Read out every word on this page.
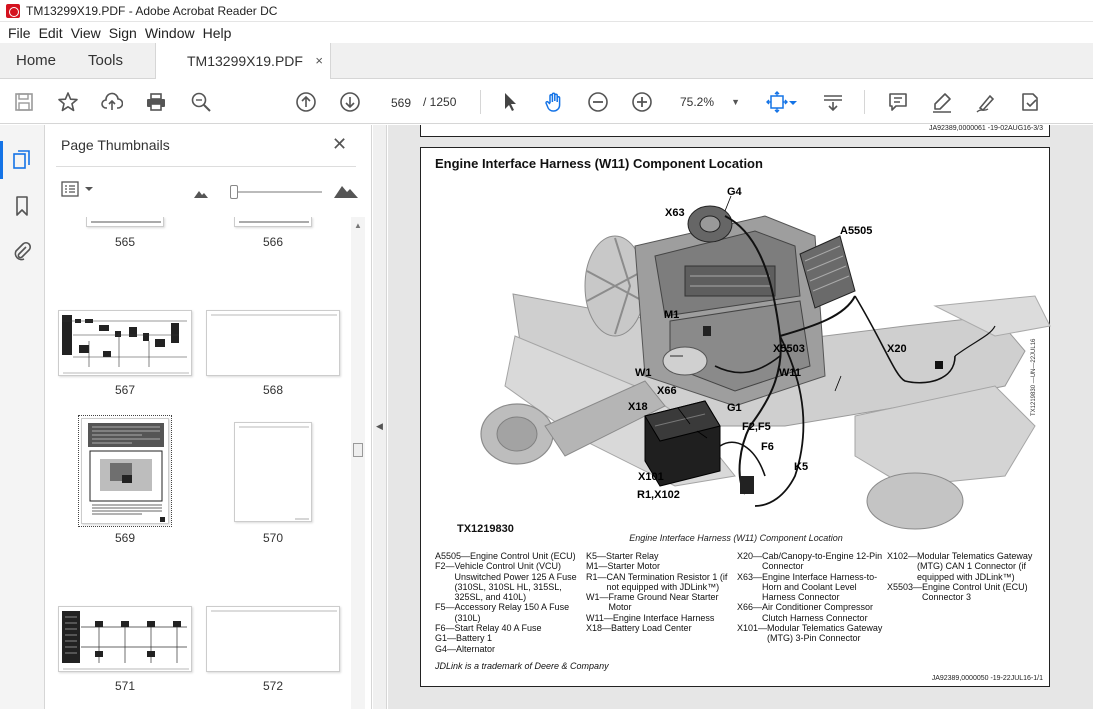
TM13299X19.PDF - Adobe Acrobat Reader DC
File Edit View Sign Window Help
Home Tools	TM13299X19.PDF ×
569 / 1250	75.2% ▼
Page Thumbnails	✕
565	566
567	568
569	570
571	572
▲
◀
JA92389,0000061 -19-02AUG16-3/3
Engine Interface Harness (W11) Component Location
G4
X63
A5505
M1
X5503	X20
W1	W11
X66
X18	G1
F2,F5
F6
K5
X101
R1,X102
TX1219830
TX1219830 —UN—22JUL16
Engine Interface Harness (W11) Component Location
A5505— Engine Control Unit (ECU)
F2— Vehicle Control Unit (VCU) Unswitched Power 125 A Fuse (310SL, 310SL HL, 315SL, 325SL, and 410L)
F5— Accessory Relay 150 A Fuse (310L)
F6— Start Relay 40 A Fuse
G1— Battery 1
G4— Alternator
K5— Starter Relay
M1— Starter Motor
R1— CAN Termination Resistor 1 (if not equipped with JDLink™)
W1— Frame Ground Near Starter Motor
W11— Engine Interface Harness
X18— Battery Load Center
X20— Cab/Canopy-to-Engine 12-Pin Connector
X63— Engine Interface Harness-to-Horn and Coolant Level Harness Connector
X66— Air Conditioner Compressor Clutch Harness Connector
X101— Modular Telematics Gateway (MTG) 3-Pin Connector
X102— Modular Telematics Gateway (MTG) CAN 1 Connector (if equipped with JDLink™)
X5503— Engine Control Unit (ECU) Connector 3
JDLink is a trademark of Deere & Company
JA92389,0000050 -19-22JUL16-1/1
